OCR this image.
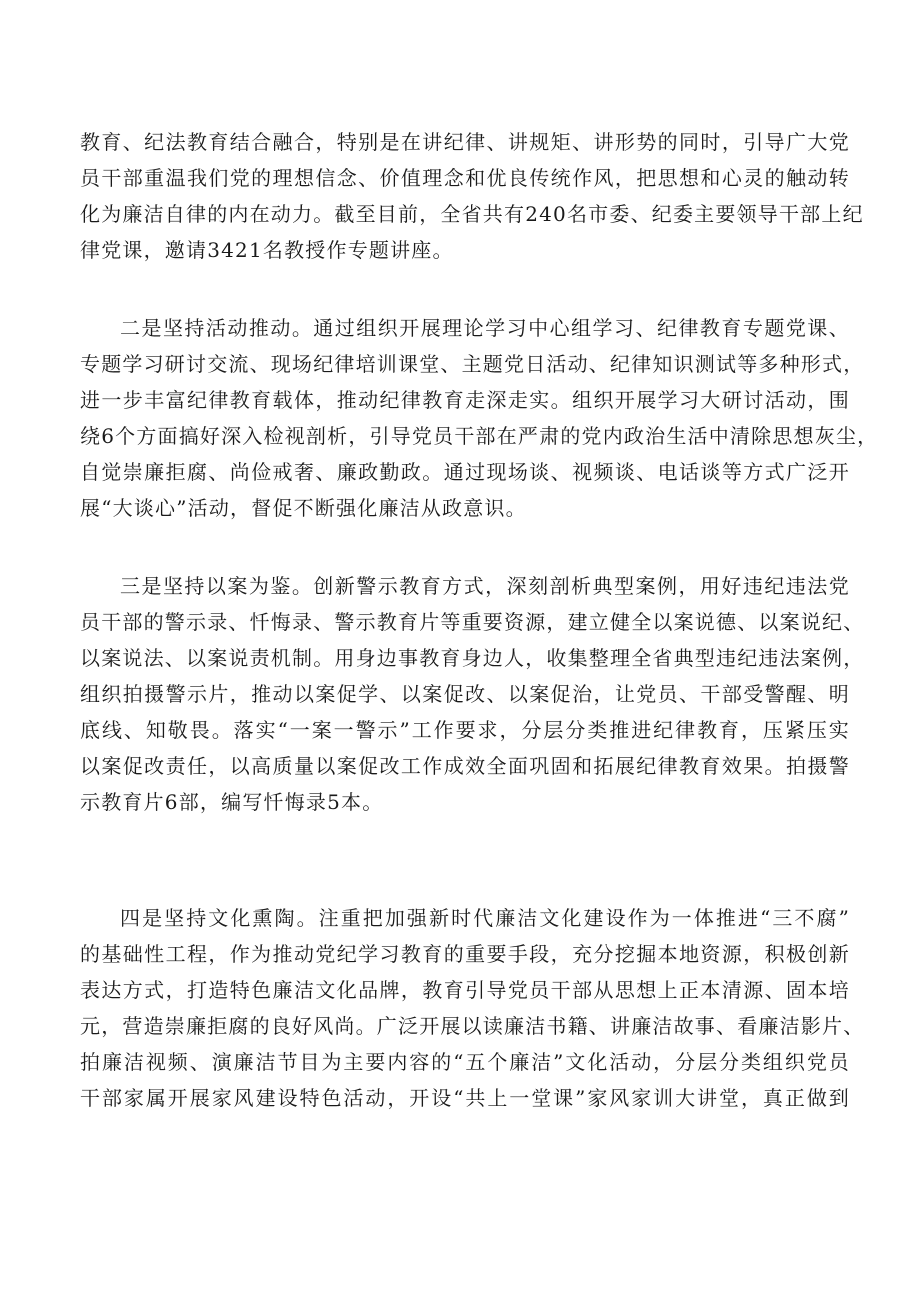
教育、纪法教育结合融合，特别是在讲纪律、讲规矩、讲形势的同时，引导广大党
员干部重温我们党的理想信念、价值理念和优良传统作风，把思想和心灵的触动转
化为廉洁自律的内在动力。截至目前，全省共有240名市委、纪委主要领导干部上纪
律党课，邀请3421名教授作专题讲座。
二是坚持活动推动。通过组织开展理论学习中心组学习、纪律教育专题党课、
专题学习研讨交流、现场纪律培训课堂、主题党日活动、纪律知识测试等多种形式，
进一步丰富纪律教育载体，推动纪律教育走深走实。组织开展学习大研讨活动，围
绕6个方面搞好深入检视剖析，引导党员干部在严肃的党内政治生活中清除思想灰尘，
自觉崇廉拒腐、尚俭戒奢、廉政勤政。通过现场谈、视频谈、电话谈等方式广泛开
展“大谈心”活动，督促不断强化廉洁从政意识。
三是坚持以案为鉴。创新警示教育方式，深刻剖析典型案例，用好违纪违法党
员干部的警示录、忏悔录、警示教育片等重要资源，建立健全以案说德、以案说纪、
以案说法、以案说责机制。用身边事教育身边人，收集整理全省典型违纪违法案例，
组织拍摄警示片，推动以案促学、以案促改、以案促治，让党员、干部受警醒、明
底线、知敬畏。落实“一案一警示”工作要求，分层分类推进纪律教育，压紧压实
以案促改责任，以高质量以案促改工作成效全面巩固和拓展纪律教育效果。拍摄警
示教育片6部，编写忏悔录5本。
四是坚持文化熏陶。注重把加强新时代廉洁文化建设作为一体推进“三不腐”
的基础性工程，作为推动党纪学习教育的重要手段，充分挖掘本地资源，积极创新
表达方式，打造特色廉洁文化品牌，教育引导党员干部从思想上正本清源、固本培
元，营造崇廉拒腐的良好风尚。广泛开展以读廉洁书籍、讲廉洁故事、看廉洁影片、
拍廉洁视频、演廉洁节目为主要内容的“五个廉洁”文化活动，分层分类组织党员
干部家属开展家风建设特色活动，开设“共上一堂课”家风家训大讲堂，真正做到
